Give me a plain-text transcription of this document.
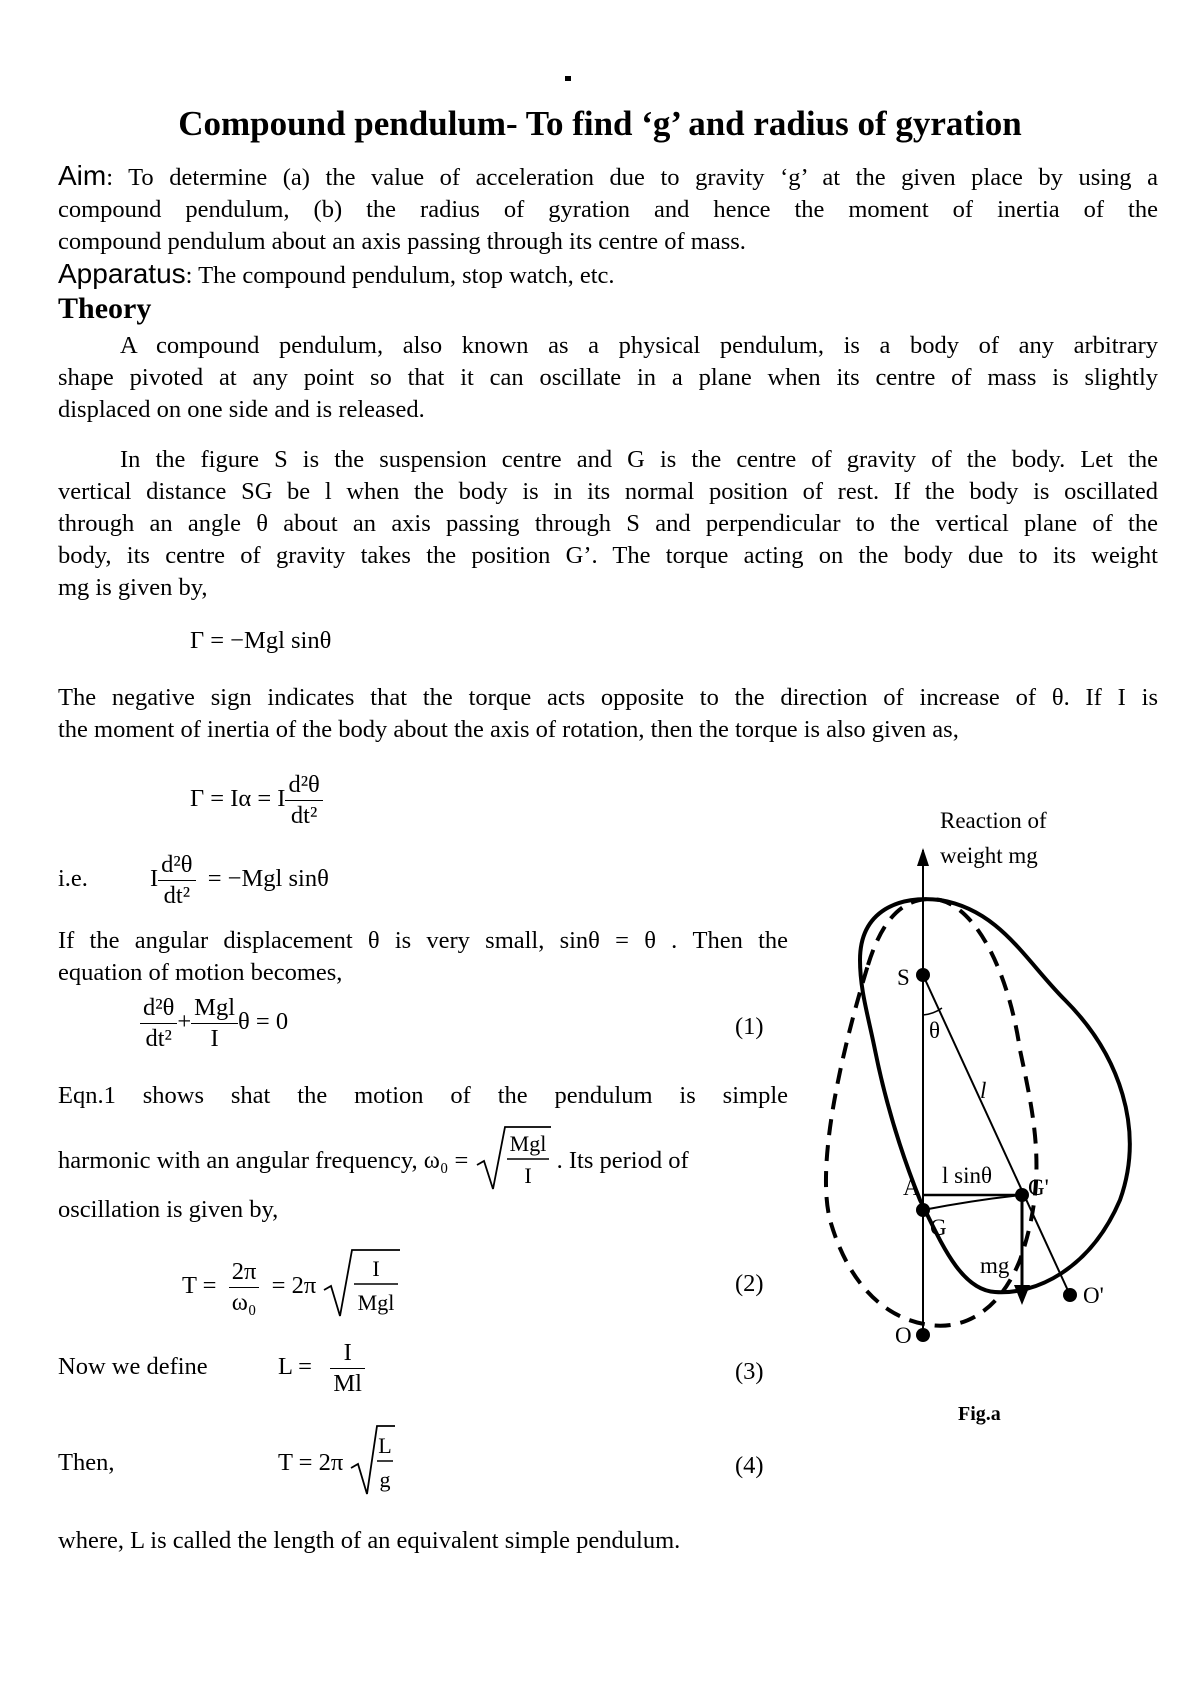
Compound pendulum- To find ‘g’ and radius of gyration
Aim: To determine (a) the value of acceleration due to gravity ‘g’ at the given place by using a
compound pendulum, (b) the radius of gyration and hence the moment of inertia of the
compound pendulum about an axis passing through its centre of mass.
Apparatus: The compound pendulum, stop watch, etc.
Theory
A compound pendulum, also known as a physical pendulum, is a body of any arbitrary
shape pivoted at any point so that it can oscillate in a plane when its centre of mass is slightly
displaced on one side and is released.
In the figure S is the suspension centre and G is the centre of gravity of the body. Let the
vertical distance SG be l when the body is in its normal position of rest. If the body is oscillated
through an angle θ about an axis passing through S and perpendicular to the vertical plane of the
body, its centre of gravity takes the position G’. The torque acting on the body due to its weight
mg is given by,
Γ = −Mgl sinθ
The negative sign indicates that the torque acts opposite to the direction of increase of θ. If I is
the moment of inertia of the body about the axis of rotation, then the torque is also given as,
Γ = Iα = I $\frac{\text{d²θ}}{\text{dt²}}$
i.e.	I $\frac{\text{d²θ}}{\text{dt²}} = -Mgl$ sinθ
If the angular displacement θ is very small, sinθ = θ . Then the
equation of motion becomes,
$\frac{\text{d²θ}}{\text{dt²}} + \frac{\text{Mgl}}{I}$ θ = 0	(1)
Eqn.1 shows shat the motion of the pendulum is simple
harmonic with an angular frequency, ω₀ =
Mgl
I
. Its period of
oscillation is given by,
$T = \frac{2\pi}{\text{ω₀}} = 2\pi$
I
Mgl
(2)
Now we define	$L = \frac{I}{Ml}$	(3)
Then,	T = 2π
L
g
(4)
where, L is called the length of an equivalent simple pendulum.
Reaction of
weight mg
S
θ
l
A l sinθ G'
G
mg
O'
O
Fig.a
